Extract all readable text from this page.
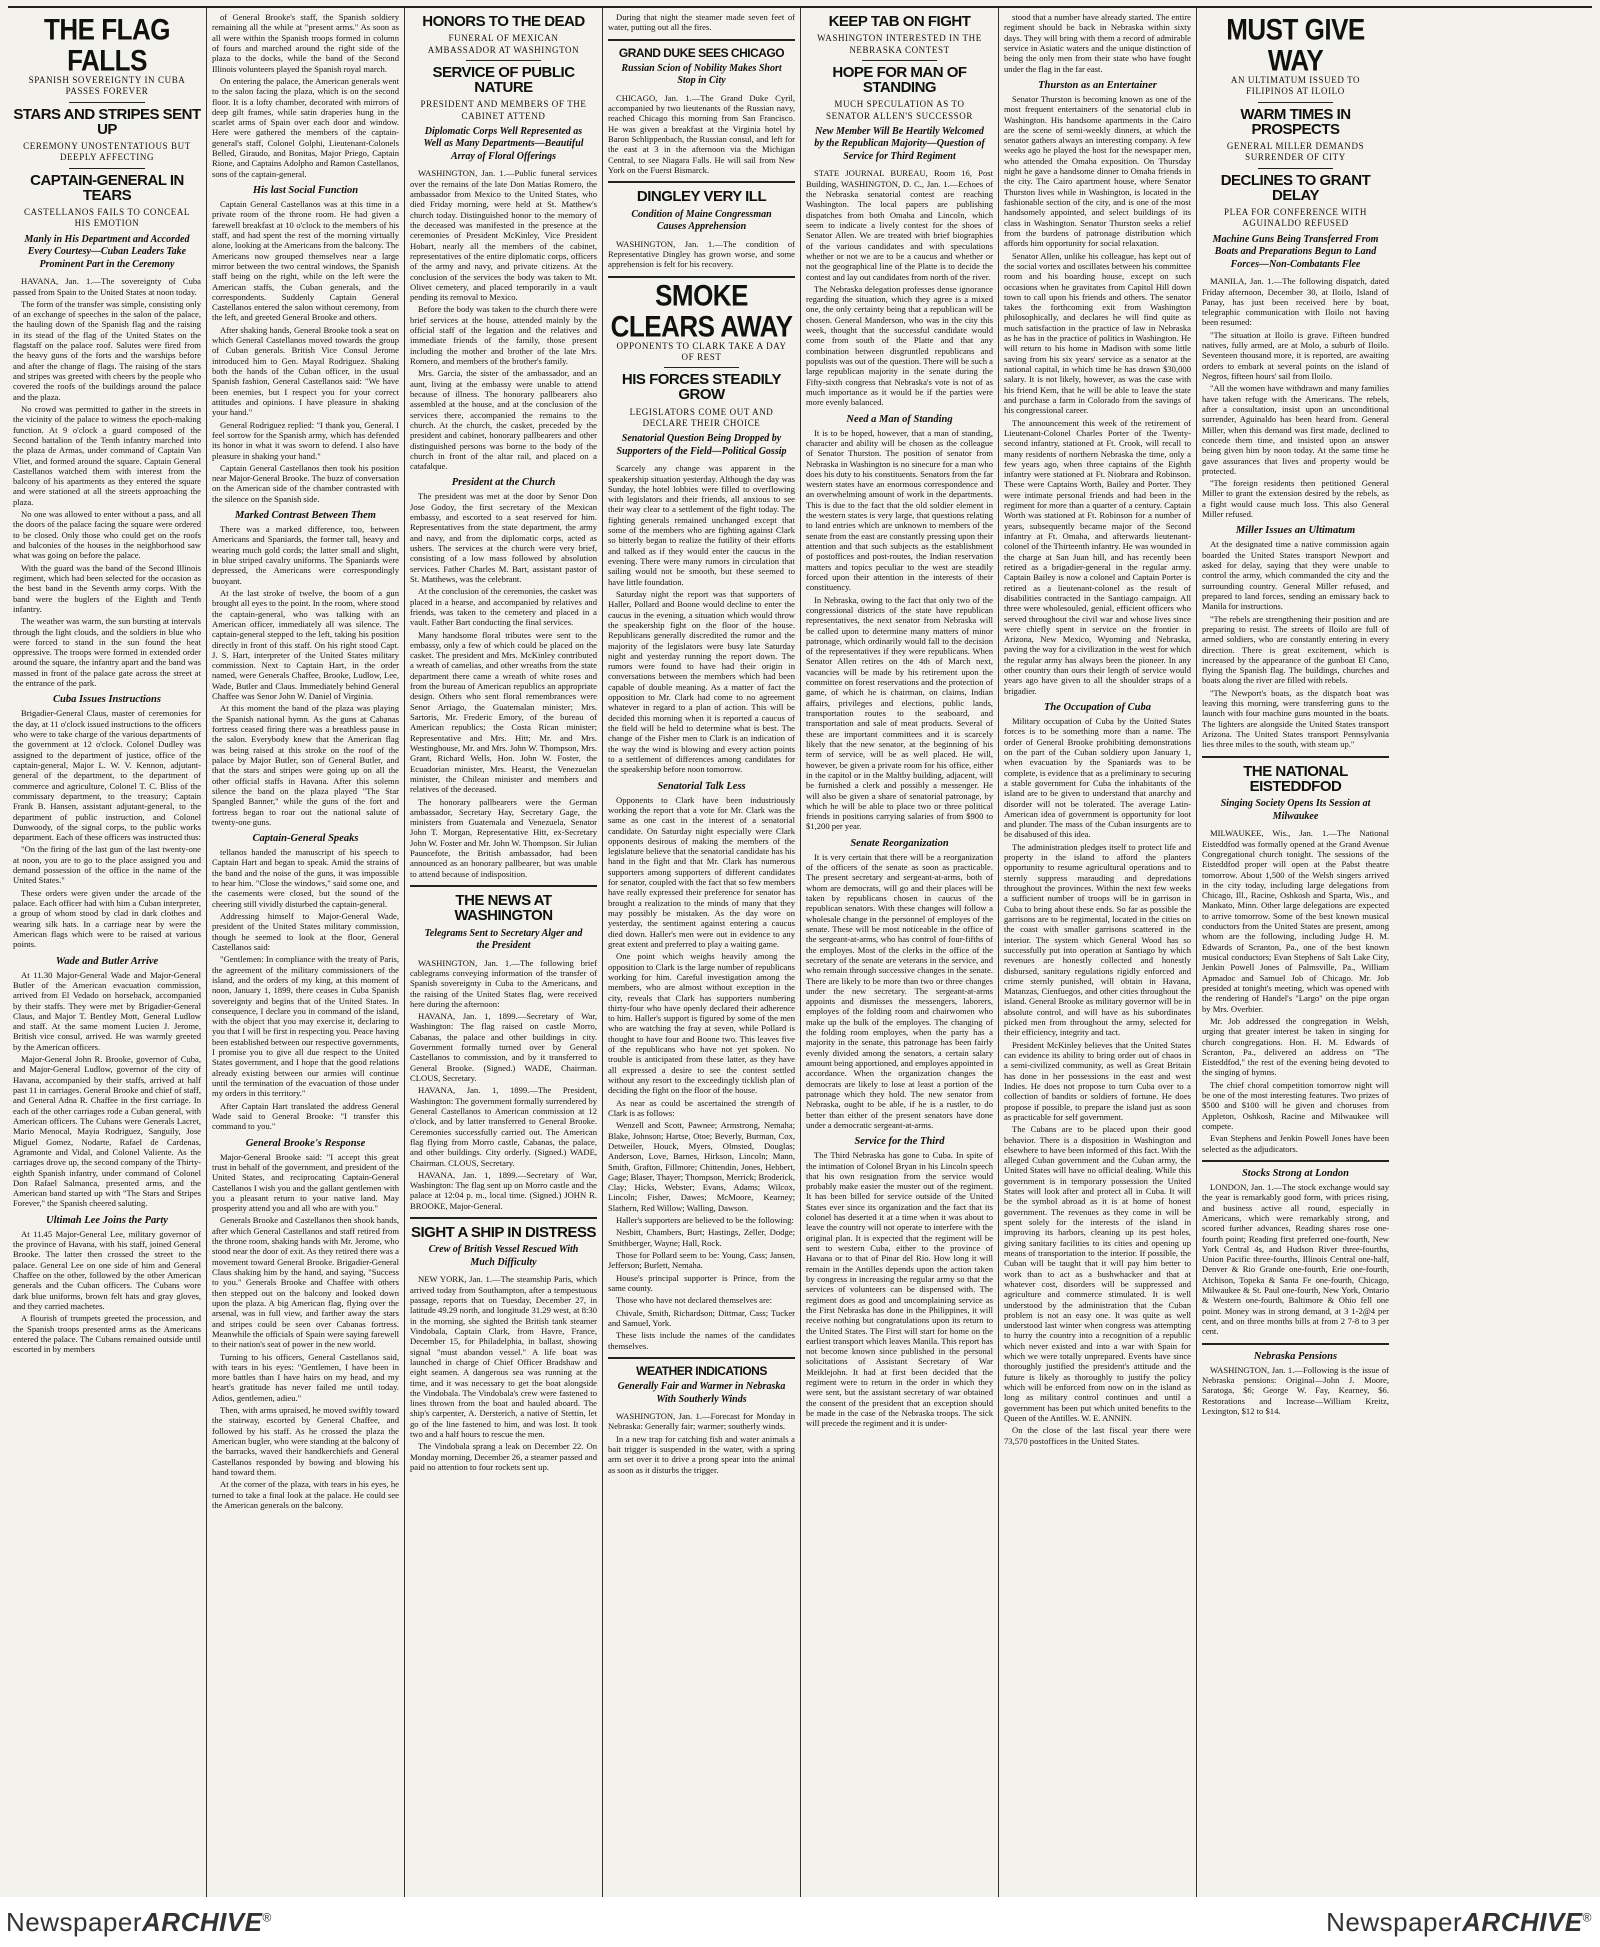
THE FLAG FALLS
SPANISH SOVEREIGNTY IN CUBA PASSES FOREVER
STARS AND STRIPES SENT UP
CEREMONY UNOSTENTATIOUS BUT DEEPLY AFFECTING
CAPTAIN-GENERAL IN TEARS
CASTELLANOS FAILS TO CONCEAL HIS EMOTION
Manly in His Department and Accorded Every Courtesy—Cuban Leaders Take Prominent Part in the Ceremony

HAVANA, Jan. 1.—The sovereignty of Cuba passed from Spain to the United States at noon today.

The form of the transfer was simple, consisting only of an exchange of speeches in the salon of the palace, the hauling down of the Spanish flag and the raising in its stead of the flag of the United States on the flagstaff on the palace roof. Salutes were fired from the heavy guns of the forts and the warships before and after the change of flags. The raising of the stars and stripes was greeted with cheers by the people who covered the roofs of the buildings around the palace and the plaza.

No crowd was permitted to gather in the streets in the vicinity of the palace to witness the epoch-making function. At 9 o'clock a guard composed of the Second battalion of the Tenth infantry marched into the plaza de Armas, under command of Captain Van Vliet, and formed around the square. Captain General Castellanos watched them with interest from the balcony of his apartments as they entered the square and were stationed at all the streets approaching the plaza.

No one was allowed to enter without a pass, and all the doors of the palace facing the square were ordered to be closed. Only those who could get on the roofs and balconies of the houses in the neighborhood saw what was going on before the palace.

With the guard was the band of the Second Illinois regiment, which had been selected for the occasion as the best band in the Seventh army corps. With the band were the buglers of the Eighth and Tenth infantry.

The weather was warm, the sun bursting at intervals through the light clouds, and the soldiers in blue who were forced to stand in the sun found the heat oppressive. The troops were formed in extended order around the square, the infantry apart and the band was massed in front of the palace gate across the street at the entrance of the park.

Cuba Issues Instructions

Brigadier-General Claus, master of ceremonies for the day, at 11 o'clock issued instructions to the officers who were to take charge of the various departments of the government at 12 o'clock. Colonel Dudley was assigned to the department of justice, office of the captain-general, Major L. W. V. Kennon, adjutant-general of the department, to the department of commerce and agriculture, Colonel T. C. Bliss of the commissary department, to the treasury; Captain Frank B. Hansen, assistant adjutant-general, to the department of public instruction, and Colonel Dunwoody, of the signal corps, to the public works department. Each of these officers was instructed thus:

"On the firing of the last gun of the last twenty-one at noon, you are to go to the place assigned you and demand possession of the office in the name of the United States."

These orders were given under the arcade of the palace. Each officer had with him a Cuban interpreter, a group of whom stood by clad in dark clothes and wearing silk hats. In a carriage near by were the American flags which were to be raised at various points.

Wade and Butler Arrive

At 11.30 Major-General Wade and Major-General Butler of the American evacuation commission, arrived from El Vedado on horseback, accompanied by their staffs. They were met by Brigadier-General Claus, and Major T. Bentley Mott, General Ludlow and staff. At the same moment Lucien J. Jerome, British vice consul, arrived. He was warmly greeted by the American officers.

Major-General John R. Brooke, governor of Cuba, and Major-General Ludlow, governor of the city of Havana, accompanied by their staffs, arrived at half past 11 in carriages. General Brooke and chief of staff, and General Adna R. Chaffee in the first carriage. In each of the other carriages rode a Cuban general, with American officers. The Cubans were Generals Lacret, Mario Menocal, Mayia Rodriguez, Sanguily, Jose Miguel Gomez, Nodarte, Rafael de Cardenas, Agramonte and Vidal, and Colonel Valiente. As the carriages drove up, the second company of the Thirty-eighth Spanish infantry, under command of Colonel Don Rafael Salmanca, presented arms, and the American band started up with "The Stars and Stripes Forever," the Spanish cheered saluting.

Ultimah Lee Joins the Party

At 11.45 Major-General Lee, military governor of the province of Havana, with his staff, joined General Brooke. The latter then crossed the street to the palace. General Lee on one side of him and General Chaffee on the other, followed by the other American generals and the Cuban officers. The Cubans wore dark blue uniforms, brown felt hats and gray gloves, and they carried machetes.

A flourish of trumpets greeted the procession, and the Spanish troops presented arms as the Americans entered the palace. The Cubans remained outside until escorted in by members

of General Brooke's staff, the Spanish soldiery remaining all the while at "present arms." As soon as all were within the Spanish troops formed in column of fours and marched around the right side of the plaza to the docks, while the band of the Second Illinois volunteers played the Spanish royal march.

On entering the palace, the American generals went to the salon facing the plaza, which is on the second floor. It is a lofty chamber, decorated with mirrors of deep gilt frames, while satin draperies hung in the scarlet arms of Spain over each door and window. Here were gathered the members of the captain-general's staff, Colonel Golphi, Lieutenant-Colonels Belled, Giraudo, and Bonitas, Major Priego, Captain Rione, and Captains Adolpho and Ramon Castellanos, sons of the captain-general.

His last Social Function

Captain General Castellanos was at this time in a private room of the throne room. He had given a farewell breakfast at 10 o'clock to the members of his staff, and had spent the rest of the morning virtually alone, looking at the Americans from the balcony. The Americans now grouped themselves near a large mirror between the two central windows, the Spanish staff being on the right, while on the left were the American staffs, the Cuban generals, and the correspondents. Suddenly Captain General Castellanos entered the salon without ceremony, from the left, and greeted General Brooke and others.

After shaking hands, General Brooke took a seat on which General Castellanos moved towards the group of Cuban generals. British Vice Consul Jerome introduced him to Gen. Mayal Rodriguez. Shaking both the hands of the Cuban officer, in the usual Spanish fashion, General Castellanos said: "We have been enemies, but I respect you for your correct attitudes and opinions. I have pleasure in shaking your hand."

General Rodriguez replied: "I thank you, General. I feel sorrow for the Spanish army, which has defended its honor in what it was sworn to defend. I also have pleasure in shaking your hand."

Captain General Castellanos then took his position near Major-General Brooke. The buzz of conversation on the American side of the chamber contrasted with the silence on the Spanish side.

Marked Contrast Between Them

There was a marked difference, too, between Americans and Spaniards, the former tall, heavy and wearing much gold cords; the latter small and slight, in blue striped cavalry uniforms. The Spaniards were depressed, the Americans were correspondingly buoyant.

At the last stroke of twelve, the boom of a gun brought all eyes to the point. In the room, where stood the captain-general, who was talking with an American officer, immediately all was silence. The captain-general stepped to the left, taking his position directly in front of this staff. On his right stood Capt. J. S. Hart, interpreter of the United States military commission. Next to Captain Hart, in the order named, were Generals Chaffee, Brooke, Ludlow, Lee, Wade, Butler and Claus. Immediately behind General Chaffee was Senor John W. Daniel of Virginia.

At this moment the band of the plaza was playing the Spanish national hymn. As the guns at Cabanas fortress ceased firing there was a breathless pause in the salon. Everybody knew that the American flag was being raised at this stroke on the roof of the palace by Major Butler, son of General Butler, and that the stars and stripes were going up on all the other official staffs in Havana. After this solemn silence the band on the plaza played "The Star Spangled Banner," while the guns of the fort and fortress began to roar out the national salute of twenty-one guns.

Captain-General Speaks

tellanos handed the manuscript of his speech to Captain Hart and began to speak. Amid the strains of the band and the noise of the guns, it was impossible to hear him. "Close the windows," said some one, and the casements were closed, but the sound of the cheering still vividly disturbed the captain-general.

Addressing himself to Major-General Wade, president of the United States military commission, though he seemed to look at the floor, General Castellanos said:

"Gentlemen: In compliance with the treaty of Paris, the agreement of the military commissioners of the island, and the orders of my king, at this moment of noon, January 1, 1899, there ceases in Cuba Spanish sovereignty and begins that of the United States. In consequence, I declare you in command of the island, with the object that you may exercise it, declaring to you that I will be first in respecting you. Peace having been established between our respective governments, I promise you to give all due respect to the United States government, and I hope that the good relations already existing between our armies will continue until the termination of the evacuation of those under my orders in this territory."

After Captain Hart translated the address General Wade said to General Brooke: "I transfer this command to you."

General Brooke's Response

Major-General Brooke said: "I accept this great trust in behalf of the government, and president of the United States, and reciprocating Captain-General Castellanos I wish you and the gallant gentlemen with you a pleasant return to your native land. May prosperity attend you and all who are with you."

Generals Brooke and Castellanos then shook hands, after which General Castellanos and staff retired from the throne room, shaking hands with Mr. Jerome, who stood near the door of exit. As they retired there was a movement toward General Brooke. Brigadier-General Claus shaking him by the hand, and saying, "Success to you." Generals Brooke and Chaffee with others then stepped out on the balcony and looked down upon the plaza. A big American flag, flying over the arsenal, was in full view, and farther away the stars and stripes could be seen over Cabanas fortress. Meanwhile the officials of Spain were saying farewell to their nation's seat of power in the new world.

Turning to his officers, General Castellanos said, with tears in his eyes: "Gentlemen, I have been in more battles than I have hairs on my head, and my heart's gratitude has never failed me until today. Adios, gentlemen, adieu."

Then, with arms upraised, he moved swiftly toward the stairway, escorted by General Chaffee, and followed by his staff. As he crossed the plaza the American bugler, who were standing at the balcony of the barracks, waved their handkerchiefs and General Castellanos responded by bowing and blowing his hand toward them.

At the corner of the plaza, with tears in his eyes, he turned to take a final look at the palace. He could see the American generals on the balcony.

HONORS TO THE DEAD
FUNERAL OF MEXICAN AMBASSADOR AT WASHINGTON
SERVICE OF PUBLIC NATURE
PRESIDENT AND MEMBERS OF THE CABINET ATTEND
Diplomatic Corps Well Represented as Well as Many Departments—Beautiful Array of Floral Offerings

WASHINGTON, Jan. 1.—Public funeral services over the remains of the late Don Matias Romero, the ambassador from Mexico to the United States, who died Friday morning, were held at St. Matthew's church today. Distinguished honor to the memory of the deceased was manifested in the presence at the ceremonies of President McKinley, Vice President Hobart, nearly all the members of the cabinet, representatives of the entire diplomatic corps, officers of the army and navy, and private citizens. At the conclusion of the services the body was taken to Mt. Olivet cemetery, and placed temporarily in a vault pending its removal to Mexico.

Before the body was taken to the church there were brief services at the house, attended mainly by the official staff of the legation and the relatives and immediate friends of the family, those present including the mother and brother of the late Mrs. Romero, and members of the brother's family.

Mrs. Garcia, the sister of the ambassador, and an aunt, living at the embassy were unable to attend because of illness. The honorary pallbearers also assembled at the house, and at the conclusion of the services there, accompanied the remains to the church. At the church, the casket, preceded by the president and cabinet, honorary pallbearers and other distinguished persons was borne to the body of the church in front of the altar rail, and placed on a catafalque.

President at the Church

The president was met at the door by Senor Don Jose Godoy, the first secretary of the Mexican embassy, and escorted to a seat reserved for him. Representatives from the state department, the army and navy, and from the diplomatic corps, acted as ushers. The services at the church were very brief, consisting of a low mass followed by absolution services. Father Charles M. Bart, assistant pastor of St. Matthews, was the celebrant.

At the conclusion of the ceremonies, the casket was placed in a hearse, and accompanied by relatives and friends, was taken to the cemetery and placed in a vault. Father Bart conducting the final services.

Many handsome floral tributes were sent to the embassy, only a few of which could be placed on the casket. The president and Mrs. McKinley contributed a wreath of camelias, and other wreaths from the state department there came a wreath of white roses and from the bureau of American republics an appropriate design. Others who sent floral remembrances were Senor Arriago, the Guatemalan minister; Mrs. Sartoris, Mr. Frederic Emory, of the bureau of American republics; the Costa Rican minister; Representative and Mrs. Hitt; Mr. and Mrs. Westinghouse, Mr. and Mrs. John W. Thompson, Mrs. Grant, Richard Wells, Hon. John W. Foster, the Ecuadorian minister, Mrs. Hearst, the Venezuelan minister, the Chilean minister and members and relatives of the deceased.

The honorary pallbearers were the German ambassador, Secretary Hay, Secretary Gage, the ministers from Guatemala and Venezuela, Senator John T. Morgan, Representative Hitt, ex-Secretary John W. Foster and Mr. John W. Thompson. Sir Julian Pauncefote, the British ambassador, had been announced as an honorary pallbearer, but was unable to attend because of indisposition.

THE NEWS AT WASHINGTON
Telegrams Sent to Secretary Alger and the President

WASHINGTON, Jan. 1.—The following brief cablegrams conveying information of the transfer of Spanish sovereignty in Cuba to the Americans, and the raising of the United States flag, were received here during the afternoon:

HAVANA, Jan. 1, 1899.—Secretary of War, Washington: The flag raised on castle Morro, Cabanas, the palace and other buildings in city. Government formally turned over by General Castellanos to commission, and by it transferred to General Brooke. (Signed.) WADE, Chairman. CLOUS, Secretary.

HAVANA, Jan. 1, 1899.—The President, Washington: The government formally surrendered by General Castellanos to American commission at 12 o'clock, and by latter transferred to General Brooke. Ceremonies successfully carried out. The American flag flying from Morro castle, Cabanas, the palace, and other buildings. City orderly. (Signed.) WADE, Chairman. CLOUS, Secretary.

HAVANA, Jan. 1, 1899.—Secretary of War, Washington: The flag sent up on Morro castle and the palace at 12:04 p. m., local time. (Signed.) JOHN R. BROOKE, Major-General.

SIGHT A SHIP IN DISTRESS
Crew of British Vessel Rescued With Much Difficulty

NEW YORK, Jan. 1.—The steamship Paris, which arrived today from Southampton, after a tempestuous passage, reports that on Tuesday, December 27, in latitude 49.29 north, and longitude 31.29 west, at 8:30 in the morning, she sighted the British tank steamer Vindobala, Captain Clark, from Havre, France, December 15, for Philadelphia, in ballast, showing signal "must abandon vessel." A life boat was launched in charge of Chief Officer Bradshaw and eight seamen. A dangerous sea was running at the time, and it was necessary to get the boat alongside the Vindobala. The Vindobala's crew were fastened to lines thrown from the boat and hauled aboard. The ship's carpenter, A. Dersterich, a native of Stettin, let go of the line fastened to him, and was lost. It took two and a half hours to rescue the men.

The Vindobala sprang a leak on December 22. On Monday morning, December 26, a steamer passed and paid no attention to four rockets sent up.

During that night the steamer made seven feet of water, putting out all the fires.

GRAND DUKE SEES CHICAGO
Russian Scion of Nobility Makes Short Stop in City

CHICAGO, Jan. 1.—The Grand Duke Cyril, accompanied by two lieutenants of the Russian navy, reached Chicago this morning from San Francisco. He was given a breakfast at the Virginia hotel by Baron Schlippenbach, the Russian consul, and left for the east at 3 in the afternoon via the Michigan Central, to see Niagara Falls. He will sail from New York on the Fuerst Bismarck.

DINGLEY VERY ILL
Condition of Maine Congressman Causes Apprehension

WASHINGTON, Jan. 1.—The condition of Representative Dingley has grown worse, and some apprehension is felt for his recovery.

SMOKE CLEARS AWAY
OPPONENTS TO CLARK TAKE A DAY OF REST
HIS FORCES STEADILY GROW
LEGISLATORS COME OUT AND DECLARE THEIR CHOICE
Senatorial Question Being Dropped by Supporters of the Field—Political Gossip

Scarcely any change was apparent in the speakership situation yesterday. Although the day was Sunday, the hotel lobbies were filled to overflowing with legislators and their friends, all anxious to see their way clear to a settlement of the fight today. The fighting generals remained unchanged except that some of the members who are fighting against Clark so bitterly began to realize the futility of their efforts and talked as if they would enter the caucus in the evening. There were many rumors in circulation that sailing would not be smooth, but these seemed to have little foundation.

Saturday night the report was that supporters of Haller, Pollard and Boone would decline to enter the caucus in the evening, a situation which would throw the speakership fight on the floor of the house. Republicans generally discredited the rumor and the majority of the legislators were busy late Saturday night and yesterday running the report down. The rumors were found to have had their origin in conversations between the members which had been capable of double meaning. As a matter of fact the opposition to Mr. Clark had come to no agreement whatever in regard to a plan of action. This will be decided this morning when it is reported a caucus of the field will be held to determine what is best. The change of the Fisher men to Clark is an indication of the way the wind is blowing and every action points to a settlement of differences among candidates for the speakership before noon tomorrow.

Senatorial Talk Less

Opponents to Clark have been industriously working the report that a vote for Mr. Clark was the same as one cast in the interest of a senatorial candidate. On Saturday night especially were Clark opponents desirous of making the members of the legislature believe that the senatorial candidate has his hand in the fight and that Mr. Clark has numerous supporters among supporters of different candidates for senator, coupled with the fact that so few members have really expressed their preference for senator has brought a realization to the minds of many that they may possibly be mistaken. As the day wore on yesterday, the sentiment against entering a caucus died down. Haller's men were out in evidence to any great extent and preferred to play a waiting game.

One point which weighs heavily among the opposition to Clark is the large number of republicans working for him. Careful investigation among the members, who are almost without exception in the city, reveals that Clark has supporters numbering thirty-four who have openly declared their adherence to him. Haller's support is figured by some of the men who are watching the fray at seven, while Pollard is thought to have four and Boone two. This leaves five of the republicans who have not yet spoken. No trouble is anticipated from these latter, as they have all expressed a desire to see the contest settled without any resort to the exceedingly ticklish plan of deciding the fight on the floor of the house.

As near as could be ascertained the strength of Clark is as follows:

Wenzell and Scott, Pawnee; Armstrong, Nemaha; Blake, Johnson; Hartse, Otoe; Beverly, Burman, Cox, Detweiler, Houck, Myers, Olmsted, Douglas; Anderson, Love, Barnes, Hirkson, Lincoln; Mann, Smith, Grafton, Fillmore; Chittendin, Jones, Hebbert, Gage; Blaser, Thayer; Thompson, Merrick; Broderick, Clay; Hicks, Webster; Evans, Adams; Wilcox, Lincoln; Fisher, Dawes; McMoore, Kearney; Slathern, Red Willow; Walling, Dawson.

Haller's supporters are believed to be the following:

Nesbitt, Chambers, Burt; Hastings, Zeller, Dodge; Smithberger, Wayne; Hall, Rock.

Those for Pollard seem to be: Young, Cass; Jansen, Jefferson; Burlett, Nemaha.

House's principal supporter is Prince, from the same county.

Those who have not declared themselves are:

Chivale, Smith, Richardson; Dittmar, Cass; Tucker and Samuel, York.

These lists include the names of the candidates themselves.

WEATHER INDICATIONS
Generally Fair and Warmer in Nebraska With Southerly Winds

WASHINGTON, Jan. 1.—Forecast for Monday in Nebraska: Generally fair; warmer; southerly winds.

In a new trap for catching fish and water animals a bait trigger is suspended in the water, with a spring arm set over it to drive a prong spear into the animal as soon as it disturbs the trigger.

KEEP TAB ON FIGHT
WASHINGTON INTERESTED IN THE NEBRASKA CONTEST
HOPE FOR MAN OF STANDING
MUCH SPECULATION AS TO SENATOR ALLEN'S SUCCESSOR
New Member Will Be Heartily Welcomed by the Republican Majority—Question of Service for Third Regiment

STATE JOURNAL BUREAU, Room 16, Post Building, WASHINGTON, D. C., Jan. 1.—Echoes of the Nebraska senatorial contest are reaching Washington. The local papers are publishing dispatches from both Omaha and Lincoln, which seem to indicate a lively contest for the shoes of Senator Allen. We are treated with brief biographies of the various candidates and with speculations whether or not we are to be a caucus and whether or not the geographical line of the Platte is to decide the contest and lay out candidates from north of the river.

The Nebraska delegation professes dense ignorance regarding the situation, which they agree is a mixed one, the only certainty being that a republican will be chosen. General Manderson, who was in the city this week, thought that the successful candidate would come from south of the Platte and that any combination between disgruntled republicans and populists was out of the question. There will be such a large republican majority in the senate during the Fifty-sixth congress that Nebraska's vote is not of as much importance as it would be if the parties were more evenly balanced.

Need a Man of Standing

It is to be hoped, however, that a man of standing, character and ability will be chosen as the colleague of Senator Thurston. The position of senator from Nebraska in Washington is no sinecure for a man who does his duty to his constituents. Senators from the far western states have an enormous correspondence and an overwhelming amount of work in the departments. This is due to the fact that the old soldier element in the western states is very large, that questions relating to land entries which are unknown to members of the senate from the east are constantly pressing upon their attention and that such subjects as the establishment of postoffices and post-routes, the Indian reservation matters and topics peculiar to the west are steadily forced upon their attention in the interests of their constituency.

In Nebraska, owing to the fact that only two of the congressional districts of the state have republican representatives, the next senator from Nebraska will be called upon to determine many matters of minor patronage, which ordinarily would fall to the decision of the representatives if they were republicans. When Senator Allen retires on the 4th of March next, vacancies will be made by his retirement upon the committee on forest reservations and the protection of game, of which he is chairman, on claims, Indian affairs, privileges and elections, public lands, transportation routes to the seaboard, and transportation and sale of meat products. Several of these are important committees and it is scarcely likely that the new senator, at the beginning of his term of service, will be as well placed. He will, however, be given a private room for his office, either in the capitol or in the Maltby building, adjacent, will be furnished a clerk and possibly a messenger. He will also be given a share of senatorial patronage, by which he will be able to place two or three political friends in positions carrying salaries of from $900 to $1,200 per year.

Senate Reorganization

It is very certain that there will be a reorganization of the officers of the senate as soon as practicable. The present secretary and sergeant-at-arms, both of whom are democrats, will go and their places will be taken by republicans chosen in caucus of the republican senators. With these changes will follow a wholesale change in the personnel of employes of the senate. These will be most noticeable in the office of the sergeant-at-arms, who has control of four-fifths of the employes. Most of the clerks in the office of the secretary of the senate are veterans in the service, and who remain through successive changes in the senate. There are likely to be more than two or three changes under the new secretary. The sergeant-at-arms appoints and dismisses the messengers, laborers, employes of the folding room and chairwomen who make up the bulk of the employes. The changing of the folding room employes, when the party has a majority in the senate, this patronage has been fairly evenly divided among the senators, a certain salary amount being apportioned, and employes appointed in accordance. When the organization changes the democrats are likely to lose at least a portion of the patronage which they hold. The new senator from Nebraska, ought to be able, if he is a rustler, to do better than either of the present senators have done under a democratic sergeant-at-arms.

Service for the Third

The Third Nebraska has gone to Cuba. In spite of the intimation of Colonel Bryan in his Lincoln speech that his own resignation from the service would probably make easier the muster out of the regiment. It has been billed for service outside of the United States ever since its organization and the fact that its colonel has deserted it at a time when it was about to leave the country will not operate to interfere with the original plan. It is expected that the regiment will be sent to western Cuba, either to the province of Havana or to that of Pinar del Rio. How long it will remain in the Antilles depends upon the action taken by congress in increasing the regular army so that the services of volunteers can be dispensed with. The regiment does as good and uncomplaining service as the First Nebraska has done in the Philippines, it will receive nothing but congratulations upon its return to the United States. The First will start for home on the earliest transport which leaves Manila. This report has not become known since published in the personal solicitations of Assistant Secretary of War Meiklejohn. It had at first been decided that the regiment were to return in the order in which they were sent, but the assistant secretary of war obtained the consent of the president that an exception should be made in the case of the Nebraska troops. The sick will precede the regiment and it is under-

stood that a number have already started. The entire regiment should be back in Nebraska within sixty days. They will bring with them a record of admirable service in Asiatic waters and the unique distinction of being the only men from their state who have fought under the flag in the far east.

Thurston as an Entertainer

Senator Thurston is becoming known as one of the most frequent entertainers of the senatorial club in Washington. His handsome apartments in the Cairo are the scene of semi-weekly dinners, at which the senator gathers always an interesting company. A few weeks ago he played the host for the newspaper men, who attended the Omaha exposition. On Thursday night he gave a handsome dinner to Omaha friends in the city. The Cairo apartment house, where Senator Thurston lives while in Washington, is located in the fashionable section of the city, and is one of the most handsomely appointed, and select buildings of its class in Washington. Senator Thurston seeks a relief from the burdens of patronage distribution which affords him opportunity for social relaxation.

Senator Allen, unlike his colleague, has kept out of the social vortex and oscillates between his committee room and his boarding house, except on such occasions when he gravitates from Capitol Hill down town to call upon his friends and others. The senator takes the forthcoming exit from Washington philosophically, and declares he will find quite as much satisfaction in the practice of law in Nebraska as he has in the practice of politics in Washington. He will return to his home in Madison with some little saving from his six years' service as a senator at the national capital, in which time he has drawn $30,000 salary. It is not likely, however, as was the case with his friend Kem, that he will be able to leave the state and purchase a farm in Colorado from the savings of his congressional career.

The announcement this week of the retirement of Lieutenant-Colonel Charles Porter of the Twenty-second infantry, stationed at Ft. Crook, will recall to many residents of northern Nebraska the time, only a few years ago, when three captains of the Eighth infantry were stationed at Ft. Niobrara and Robinson. These were Captains Worth, Bailey and Porter. They were intimate personal friends and had been in the regiment for more than a quarter of a century. Captain Worth was stationed at Ft. Robinson for a number of years, subsequently became major of the Second infantry at Ft. Omaha, and afterwards lieutenant-colonel of the Thirteenth infantry. He was wounded in the charge at San Juan hill, and has recently been retired as a brigadier-general in the regular army. Captain Bailey is now a colonel and Captain Porter is retired as a lieutenant-colonel as the result of disabilities contracted in the Santiago campaign. All three were wholesouled, genial, efficient officers who served throughout the civil war and whose lives since were chiefly spent in service on the frontier in Arizona, New Mexico, Wyoming and Nebraska, paving the way for a civilization in the west for which the regular army has always been the pioneer. In any other country than ours their length of service would years ago have given to all the shoulder straps of a brigadier.

The Occupation of Cuba

Military occupation of Cuba by the United States forces is to be something more than a name. The order of General Brooke prohibiting demonstrations on the part of the Cuban soldiery upon January 1, when evacuation by the Spaniards was to be complete, is evidence that as a preliminary to securing a stable government for Cuba the inhabitants of the island are to be given to understand that anarchy and disorder will not be tolerated. The average Latin-American idea of government is opportunity for loot and plunder. The mass of the Cuban insurgents are to be disabused of this idea.

The administration pledges itself to protect life and property in the island to afford the planters opportunity to resume agricultural operations and to sternly suppress marauding and depredations throughout the provinces. Within the next few weeks a sufficient number of troops will be in garrison in Cuba to bring about these ends. So far as possible the garrisons are to be regimental, located in the cities on the coast with smaller garrisons scattered in the interior. The system which General Wood has so successfully put into operation at Santiago by which revenues are honestly collected and honestly disbursed, sanitary regulations rigidly enforced and crime sternly punished, will obtain in Havana, Matanzas, Cienfuegos, and other cities throughout the island. General Brooke as military governor will be in absolute control, and will have as his subordinates picked men from throughout the army, selected for their efficiency, integrity and tact.

President McKinley believes that the United States can evidence its ability to bring order out of chaos in a semi-civilized community, as well as Great Britain has done in her possessions in the east and west Indies. He does not propose to turn Cuba over to a collection of bandits or soldiers of fortune. He does propose if possible, to prepare the island just as soon as practicable for self government.

The Cubans are to be placed upon their good behavior. There is a disposition in Washington and elsewhere to have been informed of this fact. With the alleged Cuban government and the Cuban army, the United States will have no official dealing. While this government is in temporary possession the United States will look after and protect all in Cuba. It will be the symbol abroad as it is at home of honest government. The revenues as they come in will be spent solely for the interests of the island in improving its harbors, cleaning up its pest holes, giving sanitary facilities to its cities and opening up means of transportation to the interior. If possible, the Cuban will be taught that it will pay him better to work than to act as a bushwhacker and that at whatever cost, disorders will be suppressed and agriculture and commerce stimulated. It is well understood by the administration that the Cuban problem is not an easy one. It was quite as well understood last winter when congress was attempting to hurry the country into a recognition of a republic which never existed and into a war with Spain for which we were totally unprepared. Events have since thoroughly justified the president's attitude and the future is likely as thoroughly to justify the policy which will be enforced from now on in the island as long as military control continues and until a government has been put which united benefits to the Queen of the Antilles. W. E. ANNIN.

On the close of the last fiscal year there were 73,570 postoffices in the United States.

MUST GIVE WAY
AN ULTIMATUM ISSUED TO FILIPINOS AT ILOILO
WARM TIMES IN PROSPECTS
GENERAL MILLER DEMANDS SURRENDER OF CITY
DECLINES TO GRANT DELAY
PLEA FOR CONFERENCE WITH AGUINALDO REFUSED
Machine Guns Being Transferred From Boats and Preparations Begun to Land Forces—Non-Combatants Flee

MANILA, Jan. 1.—The following dispatch, dated Friday afternoon, December 30, at Iloilo, Island of Panay, has just been received here by boat, telegraphic communication with Iloilo not having been resumed:

"The situation at Iloilo is grave. Fifteen hundred natives, fully armed, are at Molo, a suburb of Iloilo. Seventeen thousand more, it is reported, are awaiting orders to embark at several points on the island of Negros, fifteen hours' sail from Iloilo.

"All the women have withdrawn and many families have taken refuge with the Americans. The rebels, after a consultation, insist upon an unconditional surrender, Aguinaldo has been heard from. General Miller, when this demand was first made, declined to concede them time, and insisted upon an answer being given him by noon today. At the same time he gave assurances that lives and property would be protected.

"The foreign residents then petitioned General Miller to grant the extension desired by the rebels, as a fight would cause much loss. This also General Miller refused.

Miller Issues an Ultimatum

At the designated time a native commission again boarded the United States transport Newport and asked for delay, saying that they were unable to control the army, which commanded the city and the surrounding country. General Miller refused, and prepared to land forces, sending an emissary back to Manila for instructions.

"The rebels are strengthening their position and are preparing to resist. The streets of Iloilo are full of armed soldiers, who are constantly entering in every direction. There is great excitement, which is increased by the appearance of the gunboat El Cano, flying the Spanish flag. The buildings, churches and boats along the river are filled with rebels.

"The Newport's boats, as the dispatch boat was leaving this morning, were transferring guns to the launch with four machine guns mounted in the boats. The lighters are alongside the United States transport Arizona. The United States transport Pennsylvania lies three miles to the south, with steam up."

THE NATIONAL EISTEDDFOD
Singing Society Opens Its Session at Milwaukee

MILWAUKEE, Wis., Jan. 1.—The National Eisteddfod was formally opened at the Grand Avenue Congregational church tonight. The sessions of the Eisteddfod proper will open at the Pabst theatre tomorrow. About 1,500 of the Welsh singers arrived in the city today, including large delegations from Chicago, Ill., Racine, Oshkosh and Sparta, Wis., and Mankato, Minn. Other large delegations are expected to arrive tomorrow. Some of the best known musical conductors from the United States are present, among whom are the following, including Judge H. M. Edwards of Scranton, Pa., one of the best known musical conductors; Evan Stephens of Salt Lake City, Jenkin Powell Jones of Palmsville, Pa., William Apmadoc and Samuel Job of Chicago. Mr. Job presided at tonight's meeting, which was opened with the rendering of Handel's "Largo" on the pipe organ by Mrs. Overbier.

Mr. Job addressed the congregation in Welsh, urging that greater interest be taken in singing for church congregations. Hon. H. M. Edwards of Scranton, Pa., delivered an address on "The Eisteddfod," the rest of the evening being devoted to the singing of hymns.

The chief choral competition tomorrow night will be one of the most interesting features. Two prizes of $500 and $100 will be given and choruses from Appleton, Oshkosh, Racine and Milwaukee will compete.

Evan Stephens and Jenkin Powell Jones have been selected as the adjudicators.

Stocks Strong at London

LONDON, Jan. 1.—The stock exchange would say the year is remarkably good form, with prices rising, and business active all round, especially in Americans, which were remarkably strong, and scored further advances, Reading shares rose one-fourth point; Reading first preferred one-fourth, New York Central 4s, and Hudson River three-fourths, Union Pacific three-fourths, Illinois Central one-half, Denver & Rio Grande one-fourth, Erie one-fourth, Atchison, Topeka & Santa Fe one-fourth, Chicago, Milwaukee & St. Paul one-fourth, New York, Ontario & Western one-fourth, Baltimore & Ohio fell one point. Money was in strong demand, at 3 1-2@4 per cent, and on three months bills at from 2 7-8 to 3 per cent.

Nebraska Pensions

WASHINGTON, Jan. 1.—Following is the issue of Nebraska pensions: Original—John J. Moore, Saratoga, $6; George W. Fay, Kearney, $6. Restorations and Increase—William Kreitz, Lexington, $12 to $14.

NewspaperARCHIVE®	NewspaperARCHIVE®
